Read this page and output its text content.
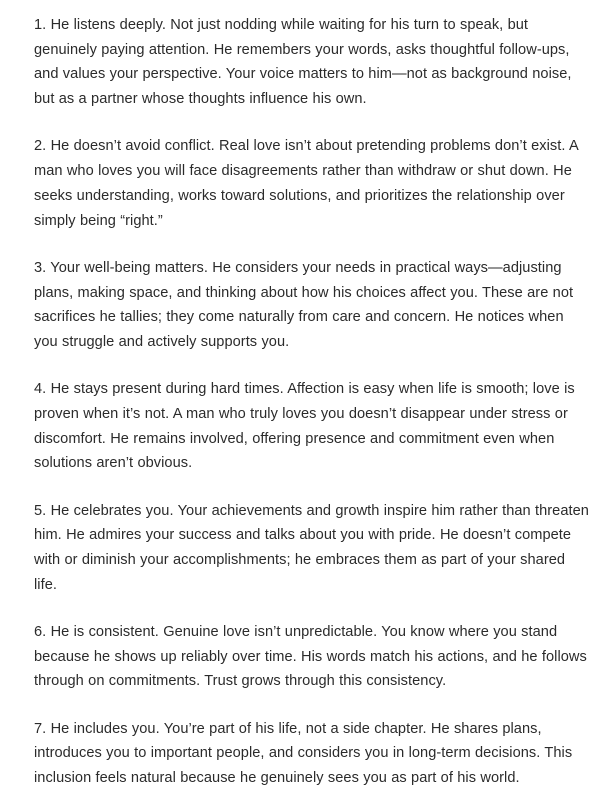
1. He listens deeply. Not just nodding while waiting for his turn to speak, but genuinely paying attention. He remembers your words, asks thoughtful follow-ups, and values your perspective. Your voice matters to him—not as background noise, but as a partner whose thoughts influence his own.

2. He doesn’t avoid conflict. Real love isn’t about pretending problems don’t exist. A man who loves you will face disagreements rather than withdraw or shut down. He seeks understanding, works toward solutions, and prioritizes the relationship over simply being “right.”

3. Your well-being matters. He considers your needs in practical ways—adjusting plans, making space, and thinking about how his choices affect you. These are not sacrifices he tallies; they come naturally from care and concern. He notices when you struggle and actively supports you.

4. He stays present during hard times. Affection is easy when life is smooth; love is proven when it’s not. A man who truly loves you doesn’t disappear under stress or discomfort. He remains involved, offering presence and commitment even when solutions aren’t obvious.

5. He celebrates you. Your achievements and growth inspire him rather than threaten him. He admires your success and talks about you with pride. He doesn’t compete with or diminish your accomplishments; he embraces them as part of your shared life.

6. He is consistent. Genuine love isn’t unpredictable. You know where you stand because he shows up reliably over time. His words match his actions, and he follows through on commitments. Trust grows through this consistency.

7. He includes you. You’re part of his life, not a side chapter. He shares plans, introduces you to important people, and considers you in long-term decisions. This inclusion feels natural because he genuinely sees you as part of his world.
